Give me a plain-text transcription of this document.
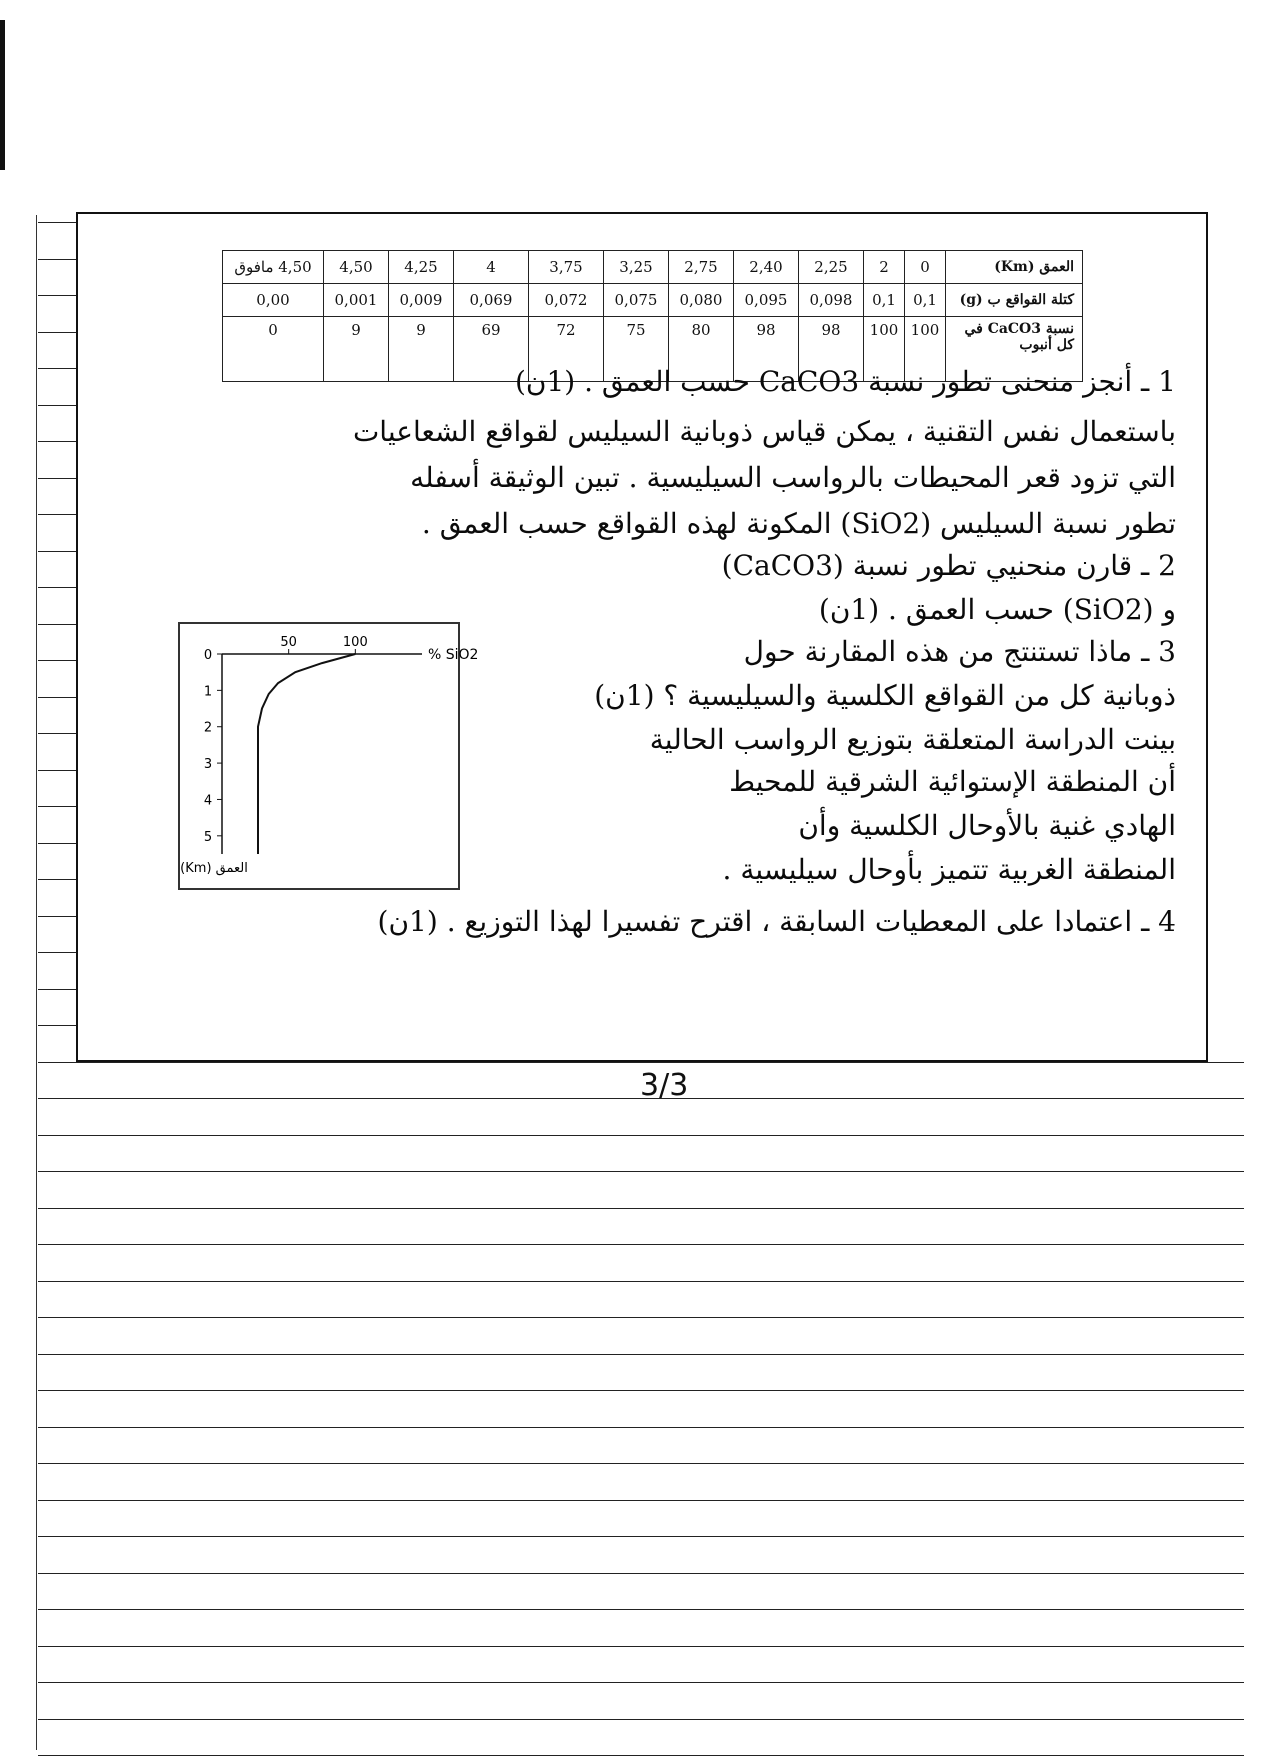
4,50 مافوق	4,50	4,25	4	3,75	3,25	2,75	2,40	2,25	2	0	العمق (Km)
0,00	0,001	0,009	0,069	0,072	0,075	0,080	0,095	0,098	0,1	0,1	كتلة القواقع ب (g)
0	9	9	69	72	75	80	98	98	100	100	نسبة CaCO3 في كل أنبوب
1 ـ أنجز منحنى تطور نسبة CaCO3 حسب العمق . (1ن)
باستعمال نفس التقنية ، يمكن قياس ذوبانية السيليس لقواقع الشعاعيات
التي تزود قعر المحيطات بالرواسب السيليسية . تبين الوثيقة أسفله
تطور نسبة السيليس (SiO2) المكونة لهذه القواقع حسب العمق .
2 ـ قارن منحنيي تطور نسبة (CaCO3)
و (SiO2) حسب العمق . (1ن)
3 ـ ماذا تستنتج من هذه المقارنة حول
ذوبانية كل من القواقع الكلسية والسيليسية ؟ (1ن)
بينت الدراسة المتعلقة بتوزيع الرواسب الحالية
أن المنطقة الإستوائية الشرقية للمحيط
الهادي غنية بالأوحال الكلسية وأن
المنطقة الغربية تتميز بأوحال سيليسية .
4 ـ اعتمادا على المعطيات السابقة ، اقترح تفسيرا لهذا التوزيع . (1ن)
50	100
0
1
2
3
4
5
% SiO2
العمق (Km)
3/3
